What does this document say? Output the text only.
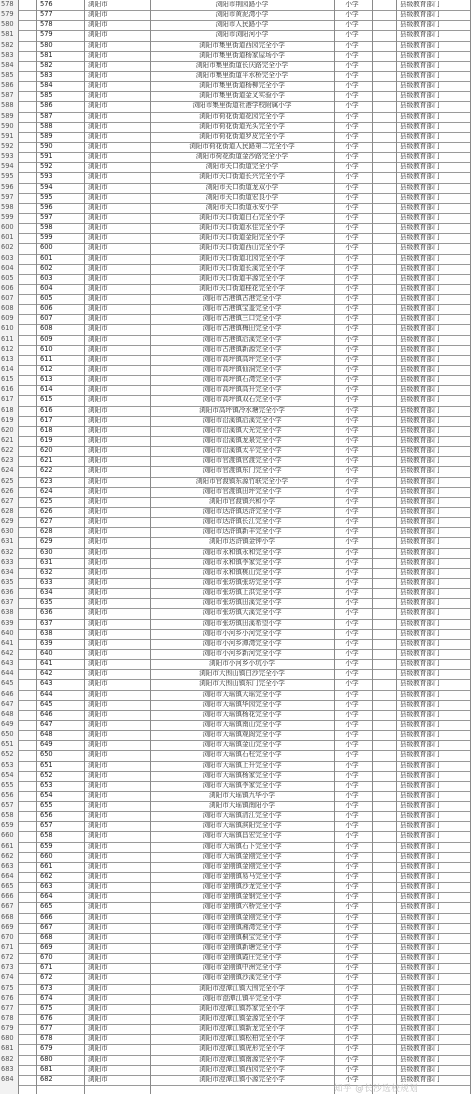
578	576	浏阳市	浏阳市荆园路小学	小学	县级教育部门
579	577	浏阳市	浏阳市黄泥湾小学	小学	县级教育部门
580	578	浏阳市	浏阳市人民路小学	小学	县级教育部门
581	579	浏阳市	浏阳市浏阳河小学	小学	县级教育部门
582	580	浏阳市	浏阳市集里街道西园完全小学	小学	县级教育部门
583	581	浏阳市	浏阳市集里街道杨家屋场小学	小学	县级教育部门
584	582	浏阳市	浏阳市集里街道长庆路完全小学	小学	县级教育部门
585	583	浏阳市	浏阳市集里街道平水桥完全小学	小学	县级教育部门
586	584	浏阳市	浏阳市集里街道杨柳完全小学	小学	县级教育部门
587	585	浏阳市	浏阳市集里街道金叉实验小学	小学	县级教育部门
588	586	浏阳市	浏阳市集里街道社港学校附属小学	小学	县级教育部门
589	587	浏阳市	浏阳市荷花街道花园完全小学	小学	县级教育部门
590	588	浏阳市	浏阳市荷花街道光头完全小学	小学	县级教育部门
591	589	浏阳市	浏阳市荷花街道罗皮完全小学	小学	县级教育部门
592	590	浏阳市	浏阳市荷花街道人民路第二完全小学	小学	县级教育部门
593	591	浏阳市	浏阳市荷花街道金沙路完全小学	小学	县级教育部门
594	592	浏阳市	浏阳市关口街道完全小学	小学	县级教育部门
595	593	浏阳市	浏阳市关口街道长兴完全小学	小学	县级教育部门
596	594	浏阳市	浏阳市关口街道龙双小学	小学	县级教育部门
597	595	浏阳市	浏阳市关口街道宏良小学	小学	县级教育部门
598	596	浏阳市	浏阳市关口街道永安小学	小学	县级教育部门
599	597	浏阳市	浏阳市关口街道白石完全小学	小学	县级教育部门
600	598	浏阳市	浏阳市关口街道水佳完全小学	小学	县级教育部门
601	599	浏阳市	浏阳市关口街道金阳完全小学	小学	县级教育部门
602	600	浏阳市	浏阳市关口街道西山完全小学	小学	县级教育部门
603	601	浏阳市	浏阳市关口街道北园完全小学	小学	县级教育部门
604	602	浏阳市	浏阳市关口街道长溪完全小学	小学	县级教育部门
605	603	浏阳市	浏阳市关口街道丰源完全小学	小学	县级教育部门
606	604	浏阳市	浏阳市关口街道桂花完全小学	小学	县级教育部门
607	605	浏阳市	浏阳市古港镇古港完全小学	小学	县级教育部门
608	606	浏阳市	浏阳市古港镇宝盖完全小学	小学	县级教育部门
609	607	浏阳市	浏阳市古港镇三口完全小学	小学	县级教育部门
610	608	浏阳市	浏阳市古港镇梅田完全小学	小学	县级教育部门
611	609	浏阳市	浏阳市古港镇沿溪完全小学	小学	县级教育部门
612	610	浏阳市	浏阳市古港镇新源完全小学	小学	县级教育部门
613	611	浏阳市	浏阳市高坪镇高坪完全小学	小学	县级教育部门
614	612	浏阳市	浏阳市高坪镇仙洞完全小学	小学	县级教育部门
615	613	浏阳市	浏阳市高坪镇石湾完全小学	小学	县级教育部门
616	614	浏阳市	浏阳市高坪镇高升完全小学	小学	县级教育部门
617	615	浏阳市	浏阳市高坪镇双石完全小学	小学	县级教育部门
618	616	浏阳市	浏阳市高坪镇冷水塘完全小学	小学	县级教育部门
619	617	浏阳市	浏阳市沿溪镇沿溪完全小学	小学	县级教育部门
620	618	浏阳市	浏阳市沿溪镇大光完全小学	小学	县级教育部门
621	619	浏阳市	浏阳市沿溪镇龙泉完全小学	小学	县级教育部门
622	620	浏阳市	浏阳市沿溪镇太平完全小学	小学	县级教育部门
623	621	浏阳市	浏阳市官渡镇官渡完全小学	小学	县级教育部门
624	622	浏阳市	浏阳市官渡镇东门完全小学	小学	县级教育部门
625	623	浏阳市	浏阳市官渡镇东源竹联完全小学	小学	县级教育部门
626	624	浏阳市	浏阳市官渡镇田坪完全小学	小学	县级教育部门
627	625	浏阳市	浏阳市官渡镇兴和小学	小学	县级教育部门
628	626	浏阳市	浏阳市达浒镇达浒完全小学	小学	县级教育部门
629	627	浏阳市	浏阳市达浒镇长江完全小学	小学	县级教育部门
630	628	浏阳市	浏阳市达浒镇新丰完全小学	小学	县级教育部门
631	629	浏阳市	浏阳市达浒镇金钟小学	小学	县级教育部门
632	630	浏阳市	浏阳市永和镇永和完全小学	小学	县级教育部门
633	631	浏阳市	浏阳市永和镇李家完全小学	小学	县级教育部门
634	632	浏阳市	浏阳市永和镇桃山完全小学	小学	县级教育部门
635	633	浏阳市	浏阳市张坊镇张坊完全小学	小学	县级教育部门
636	634	浏阳市	浏阳市张坊镇上洪完全小学	小学	县级教育部门
637	635	浏阳市	浏阳市张坊镇田溪完全小学	小学	县级教育部门
638	636	浏阳市	浏阳市张坊镇大溪完全小学	小学	县级教育部门
639	637	浏阳市	浏阳市张坊镇田溪希望小学	小学	县级教育部门
640	638	浏阳市	浏阳市小河乡小河完全小学	小学	县级教育部门
641	639	浏阳市	浏阳市小河乡潭湾完全小学	小学	县级教育部门
642	640	浏阳市	浏阳市小河乡新河完全小学	小学	县级教育部门
643	641	浏阳市	浏阳市小河乡小坑小学	小学	县级教育部门
644	642	浏阳市	浏阳市大围山镇白沙完全小学	小学	县级教育部门
645	643	浏阳市	浏阳市大围山镇东门完全小学	小学	县级教育部门
646	644	浏阳市	浏阳市大瑶镇大瑶完全小学	小学	县级教育部门
647	645	浏阳市	浏阳市大瑶镇华园完全小学	小学	县级教育部门
648	646	浏阳市	浏阳市大瑶镇杨花完全小学	小学	县级教育部门
649	647	浏阳市	浏阳市大瑶镇南山完全小学	小学	县级教育部门
650	648	浏阳市	浏阳市大瑶镇观阁完全小学	小学	县级教育部门
651	649	浏阳市	浏阳市大瑶镇金山完全小学	小学	县级教育部门
652	650	浏阳市	浏阳市大瑶镇石柱完全小学	小学	县级教育部门
653	651	浏阳市	浏阳市大瑶镇上升完全小学	小学	县级教育部门
654	652	浏阳市	浏阳市大瑶镇杨家完全小学	小学	县级教育部门
655	653	浏阳市	浏阳市大瑶镇李家完全小学	小学	县级教育部门
656	654	浏阳市	浏阳市大瑶镇九华小学	小学	县级教育部门
657	655	浏阳市	浏阳市大瑶镇南阳小学	小学	县级教育部门
658	656	浏阳市	浏阳市大瑶镇清江完全小学	小学	县级教育部门
659	657	浏阳市	浏阳市大瑶镇滨阳完全小学	小学	县级教育部门
660	658	浏阳市	浏阳市大瑶镇昌宏完全小学	小学	县级教育部门
661	659	浏阳市	浏阳市大瑶镇石下完全小学	小学	县级教育部门
662	660	浏阳市	浏阳市大瑶镇金刚完全小学	小学	县级教育部门
663	661	浏阳市	浏阳市金刚镇金刚完全小学	小学	县级教育部门
664	662	浏阳市	浏阳市金刚镇易马完全小学	小学	县级教育部门
665	663	浏阳市	浏阳市金刚镇沙龙完全小学	小学	县级教育部门
666	664	浏阳市	浏阳市金刚镇金钢完全小学	小学	县级教育部门
667	665	浏阳市	浏阳市金刚镇六桥完全小学	小学	县级教育部门
668	666	浏阳市	浏阳市金刚镇金刚完全小学	小学	县级教育部门
669	667	浏阳市	浏阳市金刚镇湘湾完全小学	小学	县级教育部门
670	668	浏阳市	浏阳市金刚镇桐宝完全小学	小学	县级教育部门
671	669	浏阳市	浏阳市金刚镇新塘完全小学	小学	县级教育部门
672	670	浏阳市	浏阳市金刚镇霞庄完全小学	小学	县级教育部门
673	671	浏阳市	浏阳市金刚镇中洲完全小学	小学	县级教育部门
674	672	浏阳市	浏阳市金刚镇沙溪完全小学	小学	县级教育部门
675	673	浏阳市	浏阳市澄潭江镇大围完全小学	小学	县级教育部门
676	674	浏阳市	浏阳市澄潭江镇平完全小学	小学	县级教育部门
677	675	浏阳市	浏阳市澄潭江镇苏家完全小学	小学	县级教育部门
678	676	浏阳市	浏阳市澄潭江镇金源完全小学	小学	县级教育部门
679	677	浏阳市	浏阳市澄潭江镇新龙完全小学	小学	县级教育部门
680	678	浏阳市	浏阳市澄潭江镇松柏完全小学	小学	县级教育部门
681	679	浏阳市	浏阳市澄潭江镇虎形完全小学	小学	县级教育部门
682	680	浏阳市	浏阳市澄潭江镇南源完全小学	小学	县级教育部门
683	681	浏阳市	浏阳市澄潭江镇西园完全小学	小学	县级教育部门
684	682	浏阳市	浏阳市澄潭江镇小源完全小学	小学	县级教育部门
知乎 @长沙选校规划
